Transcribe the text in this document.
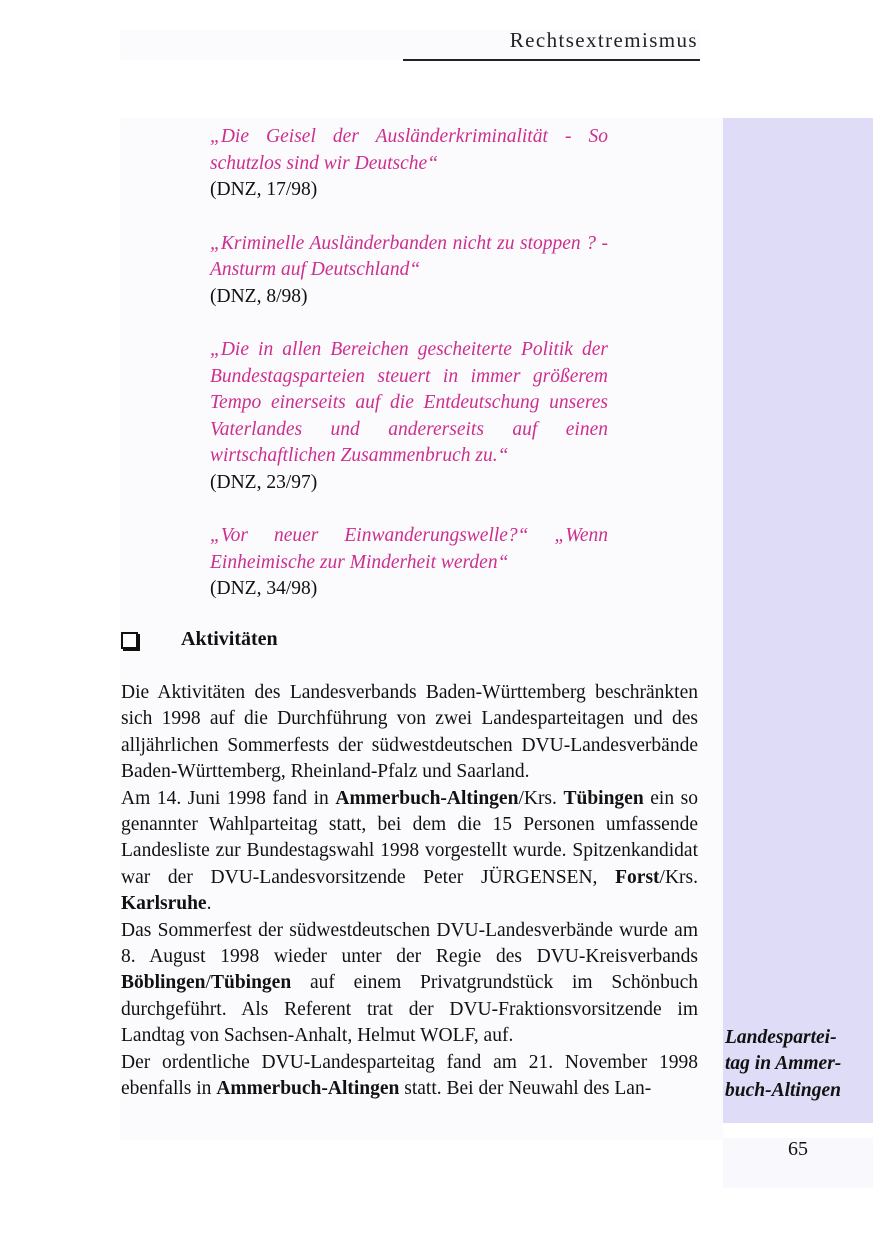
Rechtsextremismus
„Die Geisel der Ausländerkriminalität - So schutzlos sind wir Deutsche“
(DNZ, 17/98)
„Kriminelle Ausländerbanden nicht zu stoppen ? - Ansturm auf Deutschland“
(DNZ, 8/98)
„Die in allen Bereichen gescheiterte Politik der Bundestagsparteien steuert in immer größerem Tempo einerseits auf die Entdeutschung unseres Vaterlandes und andererseits auf einen wirtschaftlichen Zusammenbruch zu.“
(DNZ, 23/97)
„Vor neuer Einwanderungswelle?“ „Wenn Einheimische zur Minderheit werden“
(DNZ, 34/98)
Aktivitäten

Die Aktivitäten des Landesverbands Baden-Württemberg beschränkten sich 1998 auf die Durchführung von zwei Landesparteitagen und des alljährlichen Sommerfests der südwestdeutschen DVU-Landesverbände Baden-Württemberg, Rheinland-Pfalz und Saarland.

Am 14. Juni 1998 fand in Ammerbuch-Altingen/Krs. Tübingen ein so genannter Wahlparteitag statt, bei dem die 15 Personen umfassende Landesliste zur Bundestagswahl 1998 vorgestellt wurde. Spitzenkandidat war der DVU-Landesvorsitzende Peter JÜRGENSEN, Forst/Krs. Karlsruhe.

Das Sommerfest der südwestdeutschen DVU-Landesverbände wurde am 8. August 1998 wieder unter der Regie des DVU-Kreisverbands Böblingen/Tübingen auf einem Privatgrundstück im Schönbuch durchgeführt. Als Referent trat der DVU-Fraktionsvorsitzende im Landtag von Sachsen-Anhalt, Helmut WOLF, auf.

Der ordentliche DVU-Landesparteitag fand am 21. November 1998 ebenfalls in Ammerbuch-Altingen statt. Bei der Neuwahl des Lan-

Landespartei-
tag in Ammer-
buch-Altingen
65
